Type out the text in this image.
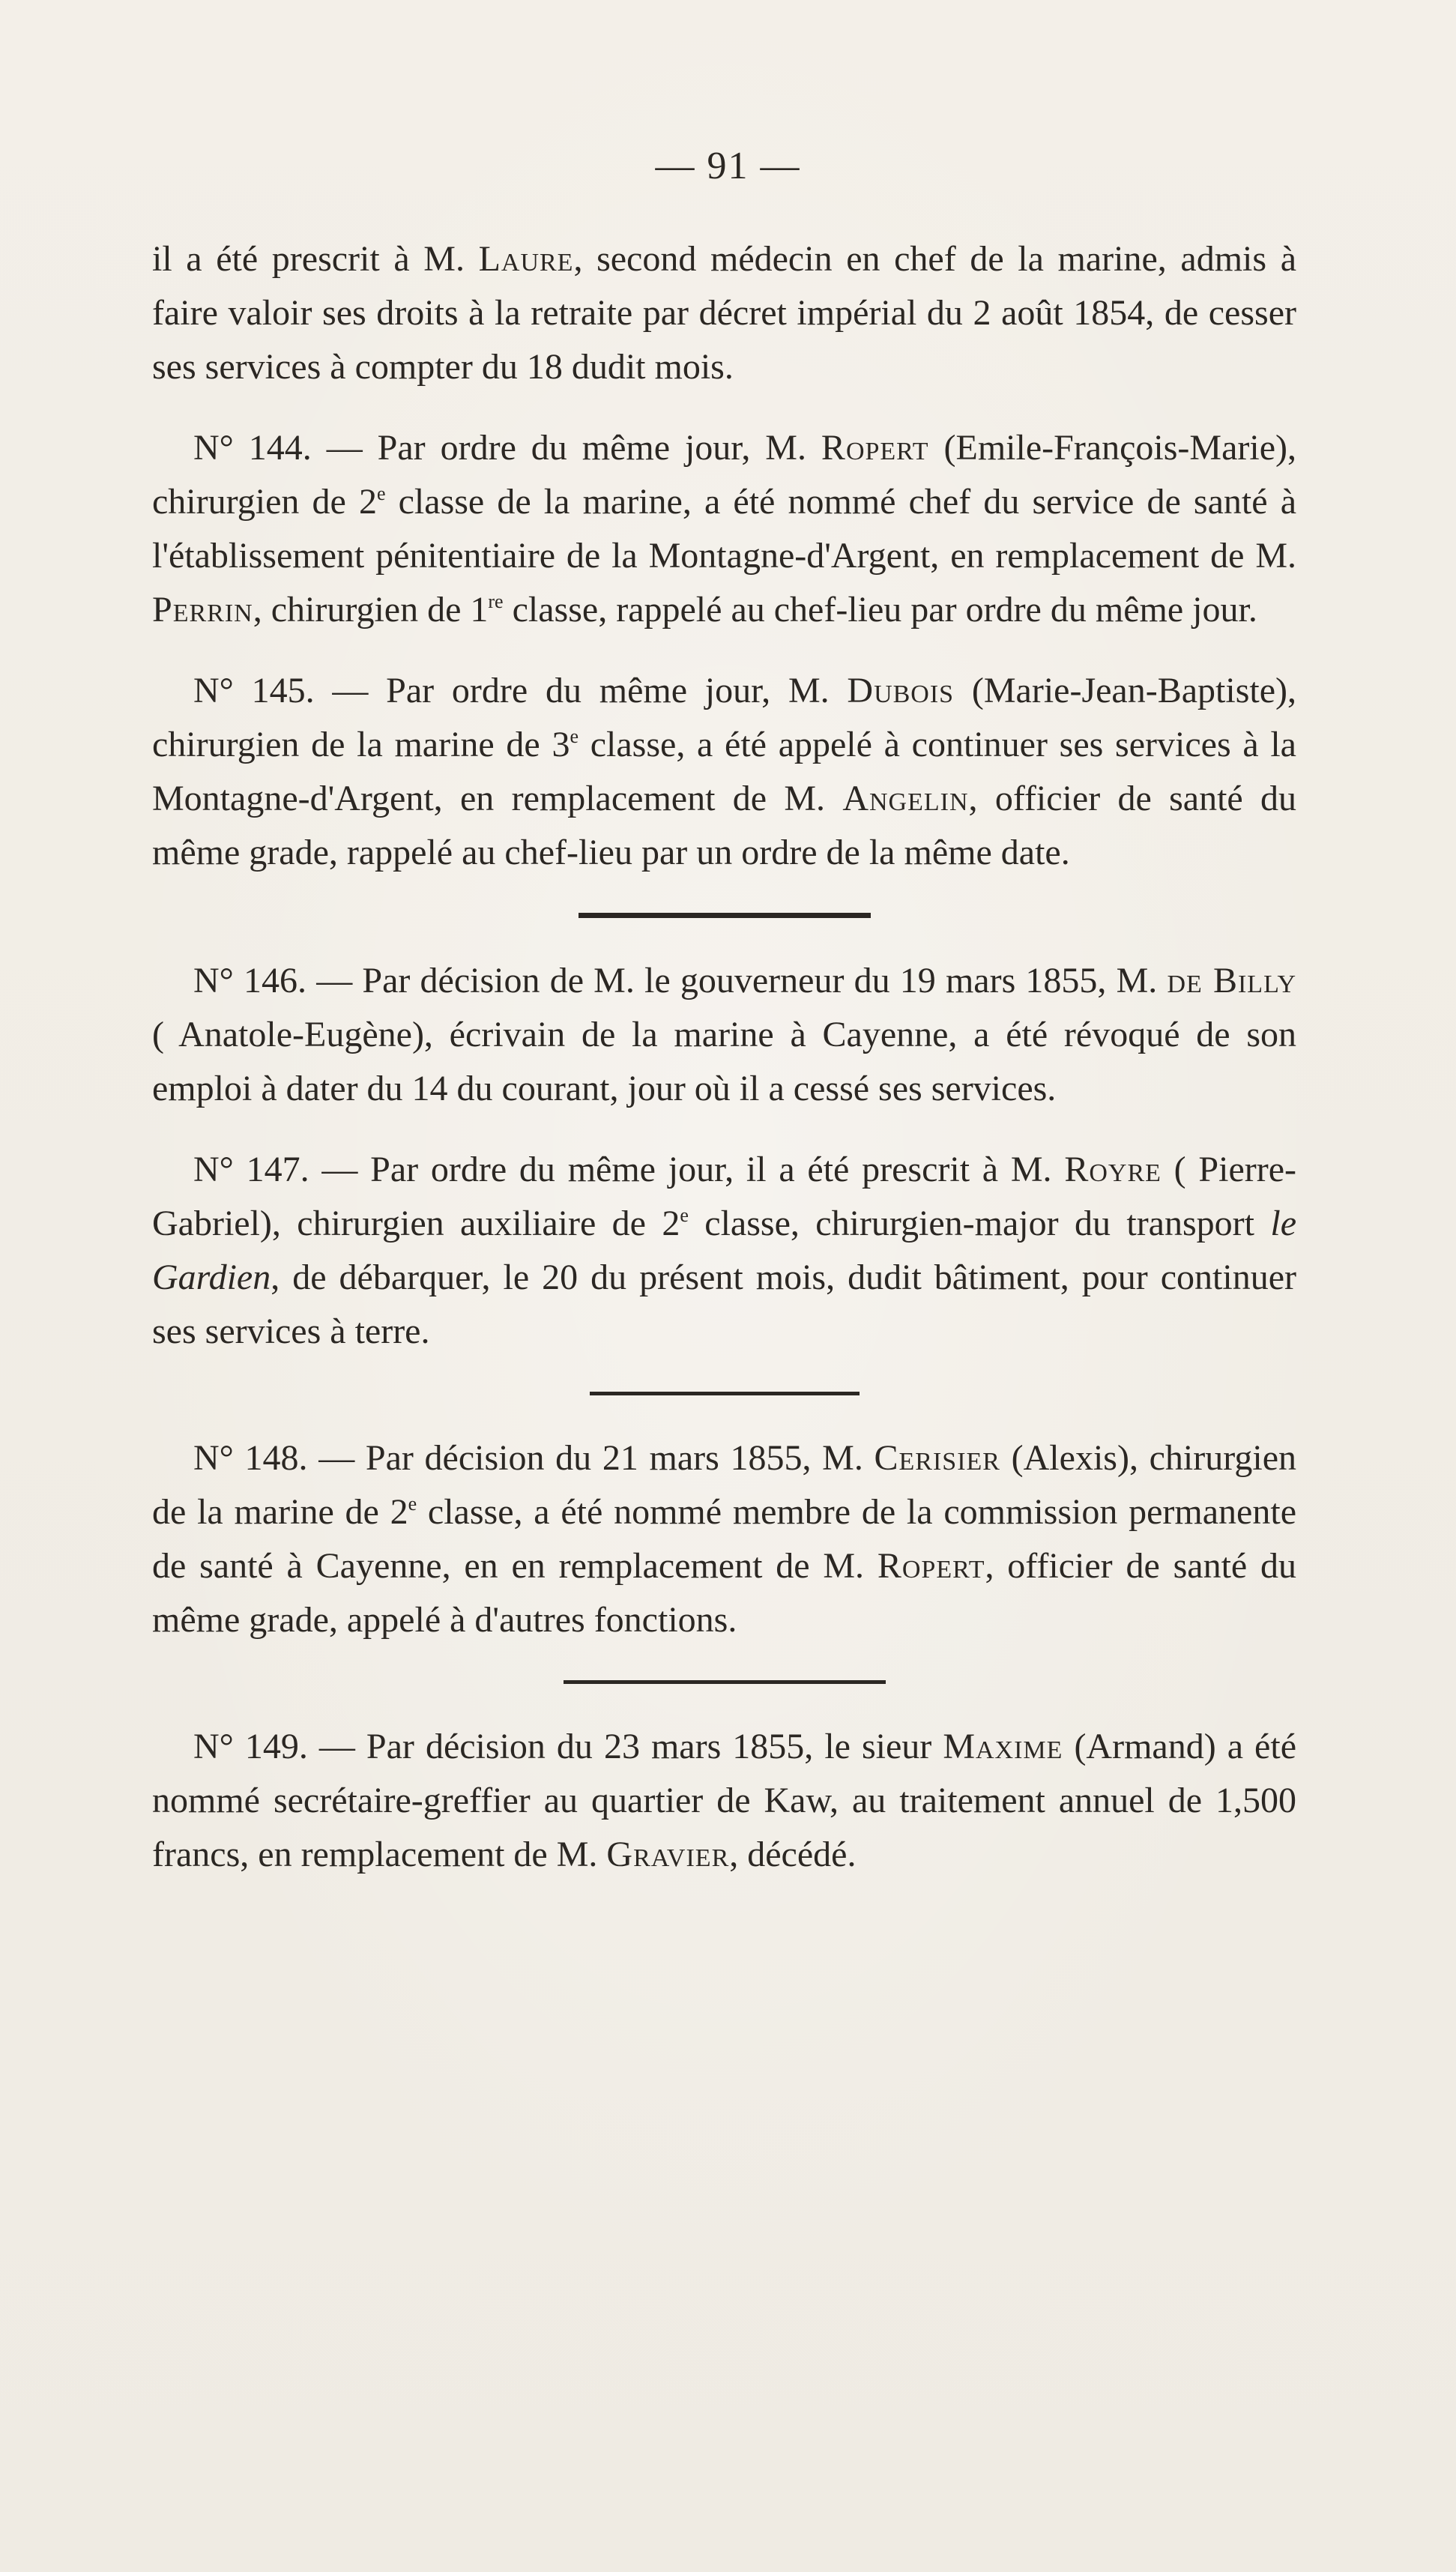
— 91 —

il a été prescrit à M. Laure, second médecin en chef de la marine, admis à faire valoir ses droits à la retraite par décret impérial du 2 août 1854, de cesser ses services à compter du 18 dudit mois.

N° 144. — Par ordre du même jour, M. Ropert (Emile-François-Marie), chirurgien de 2e classe de la marine, a été nommé chef du service de santé à l'établissement pénitentiaire de la Montagne-d'Argent, en remplacement de M. Perrin, chirurgien de 1re classe, rappelé au chef-lieu par ordre du même jour.

N° 145. — Par ordre du même jour, M. Dubois (Marie-Jean-Baptiste), chirurgien de la marine de 3e classe, a été appelé à continuer ses services à la Montagne-d'Argent, en remplacement de M. Angelin, officier de santé du même grade, rappelé au chef-lieu par un ordre de la même date.

N° 146. — Par décision de M. le gouverneur du 19 mars 1855, M. de Billy ( Anatole-Eugène), écrivain de la marine à Cayenne, a été révoqué de son emploi à dater du 14 du courant, jour où il a cessé ses services.

N° 147. — Par ordre du même jour, il a été prescrit à M. Royre ( Pierre-Gabriel), chirurgien auxiliaire de 2e classe, chirurgien-major du transport le Gardien, de débarquer, le 20 du présent mois, dudit bâtiment, pour continuer ses services à terre.

N° 148. — Par décision du 21 mars 1855, M. Cerisier (Alexis), chirurgien de la marine de 2e classe, a été nommé membre de la commission permanente de santé à Cayenne, en en remplacement de M. Ropert, officier de santé du même grade, appelé à d'autres fonctions.

N° 149. — Par décision du 23 mars 1855, le sieur Maxime (Armand) a été nommé secrétaire-greffier au quartier de Kaw, au traitement annuel de 1,500 francs, en remplacement de M. Gravier, décédé.
